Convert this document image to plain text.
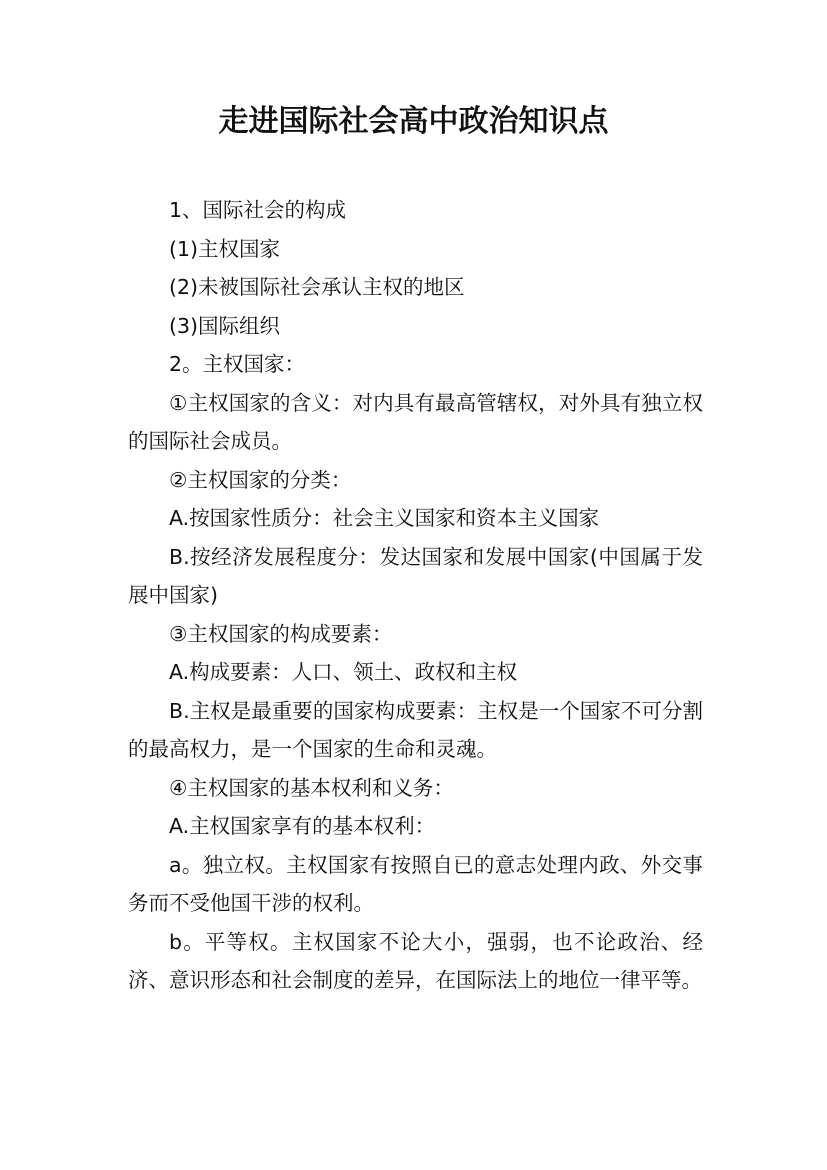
走进国际社会高中政治知识点

1、国际社会的构成

(1)主权国家

(2)未被国际社会承认主权的地区

(3)国际组织

2。主权国家：

①主权国家的含义：对内具有最高管辖权，对外具有独立权的国际社会成员。

②主权国家的分类：

A.按国家性质分：社会主义国家和资本主义国家

B.按经济发展程度分：发达国家和发展中国家(中国属于发展中国家)

③主权国家的构成要素：

A.构成要素：人口、领土、政权和主权

B.主权是最重要的国家构成要素：主权是一个国家不可分割的最高权力，是一个国家的生命和灵魂。

④主权国家的基本权利和义务：

A.主权国家享有的基本权利：

a。独立权。主权国家有按照自已的意志处理内政、外交事务而不受他国干涉的权利。

b。平等权。主权国家不论大小，强弱，也不论政治、经济、意识形态和社会制度的差异，在国际法上的地位一律平等。
